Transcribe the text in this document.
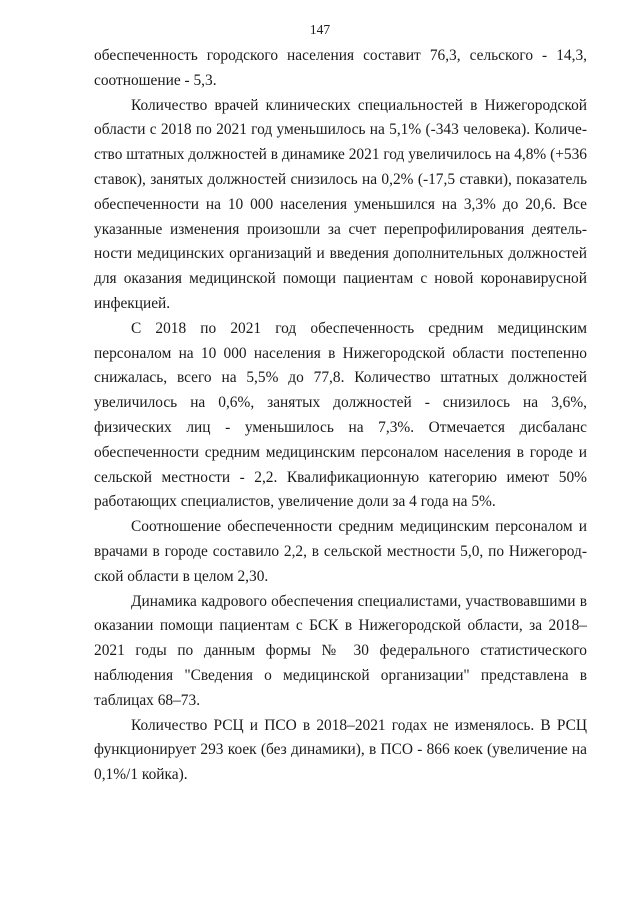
147

обеспеченность городского населения составит 76,3, сельского - 14,3, соотношение - 5,3.

Количество врачей клинических специальностей в Нижегородской области с 2018 по 2021 год уменьшилось на 5,1% (-343 человека). Количество штатных должностей в динамике 2021 год увеличилось на 4,8% (+536 ставок), занятых должностей снизилось на 0,2% (-17,5 ставки), показатель обеспеченности на 10 000 населения уменьшился на 3,3% до 20,6. Все указанные изменения произошли за счет перепрофилирования деятельности медицинских организаций и введения дополнительных должностей для оказания медицинской помощи пациентам с новой коронавирусной инфекцией.

С 2018 по 2021 год обеспеченность средним медицинским персоналом на 10 000 населения в Нижегородской области постепенно снижалась, всего на 5,5% до 77,8. Количество штатных должностей увеличилось на 0,6%, занятых должностей - снизилось на 3,6%, физических лиц - уменьшилось на 7,3%. Отмечается дисбаланс обеспеченности средним медицинским персоналом населения в городе и сельской местности - 2,2. Квалификационную категорию имеют 50% работающих специалистов, увеличение доли за 4 года на 5%.

Соотношение обеспеченности средним медицинским персоналом и врачами в городе составило 2,2, в сельской местности 5,0, по Нижегородской области в целом 2,30.

Динамика кадрового обеспечения специалистами, участвовавшими в оказании помощи пациентам с БСК в Нижегородской области, за 2018–2021 годы по данным формы № 30 федерального статистического наблюдения "Сведения о медицинской организации" представлена в таблицах 68–73.

Количество РСЦ и ПСО в 2018–2021 годах не изменялось. В РСЦ функционирует 293 коек (без динамики), в ПСО - 866 коек (увеличение на 0,1%/1 койка).
